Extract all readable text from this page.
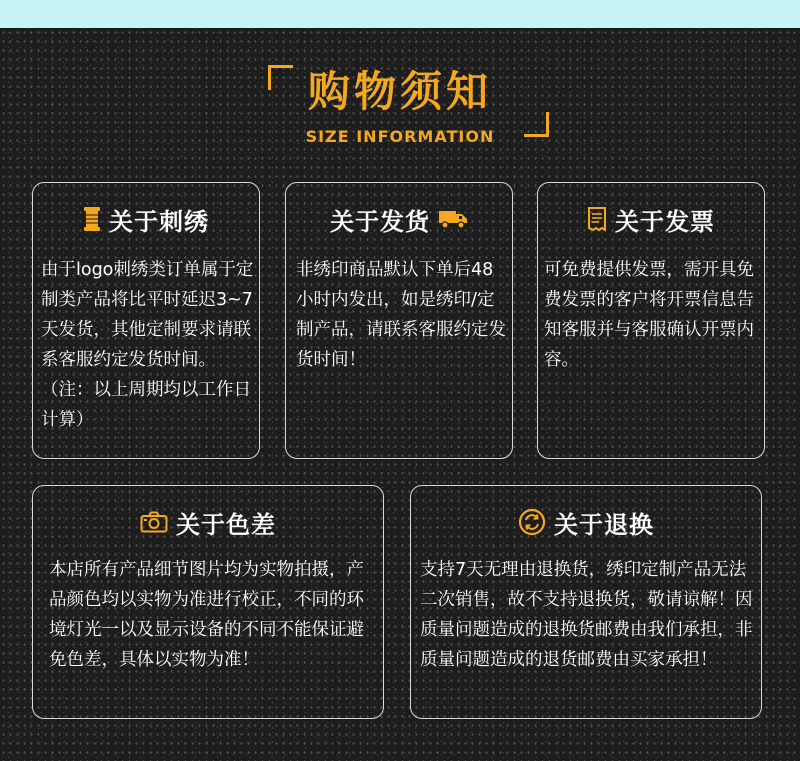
购物须知
SIZE INFORMATION
关于刺绣
由于logo刺绣类订单属于定制类产品将比平时延迟3~7天发货，其他定制要求请联系客服约定发货时间。（注：以上周期均以工作日计算）
关于发货
非绣印商品默认下单后48小时内发出，如是绣印/定制产品，请联系客服约定发货时间！
关于发票
可免费提供发票，需开具免费发票的客户将开票信息告知客服并与客服确认开票内容。
关于色差
本店所有产品细节图片均为实物拍摄，产品颜色均以实物为准进行校正，不同的环境灯光一以及显示设备的不同不能保证避免色差，具体以实物为准！
关于退换
支持7天无理由退换货，绣印定制产品无法二次销售，故不支持退换货，敬请谅解！因质量问题造成的退换货邮费由我们承担，非质量问题造成的退货邮费由买家承担！
